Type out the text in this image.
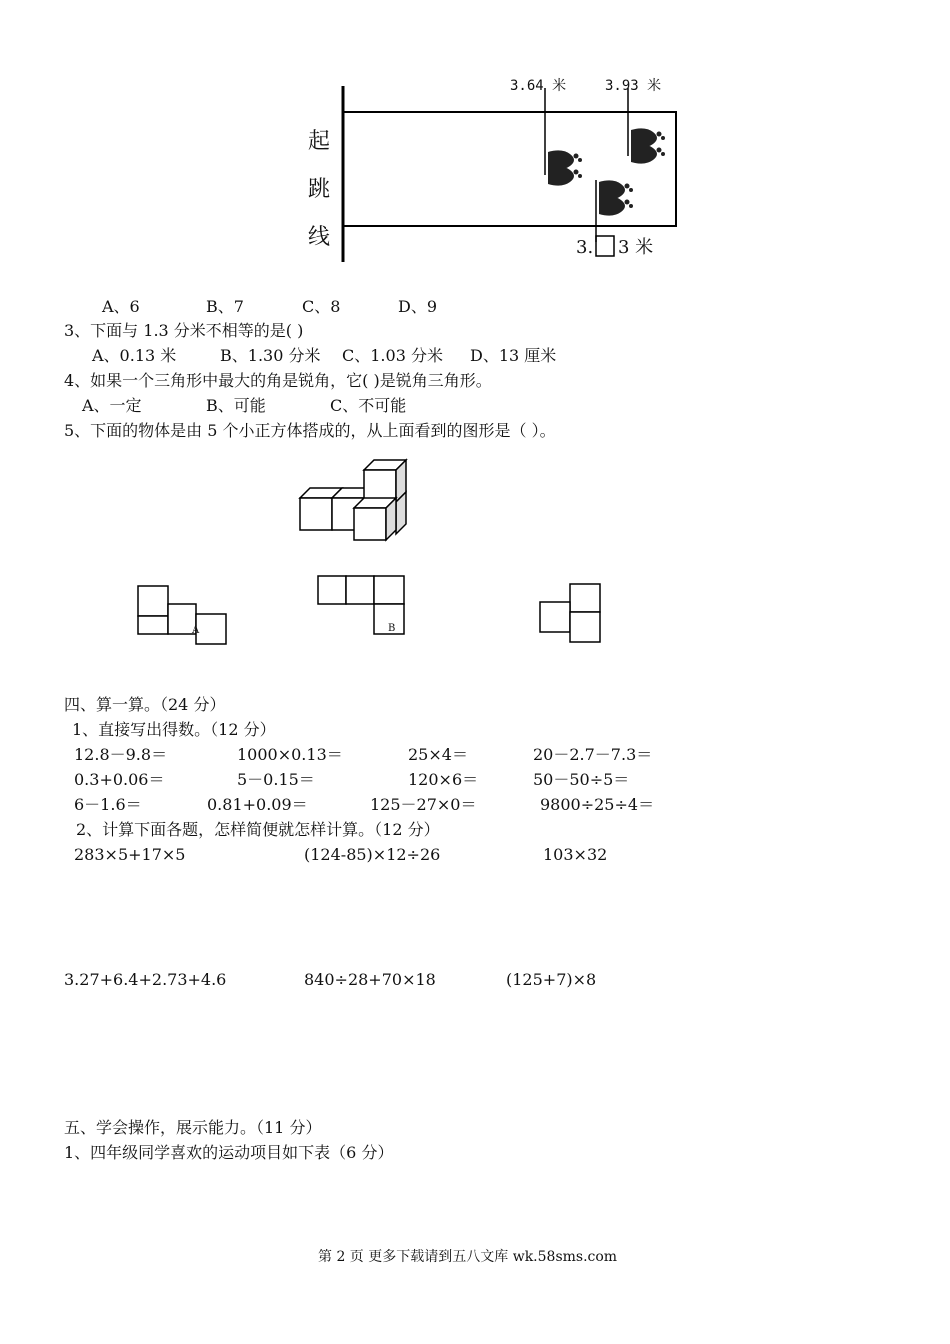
起
跳
线
3.64 米	3.93 米
3. 3 米
A、6	B、7	C、8	D、9
3、下面与 1.3 分米不相等的是( )
A、0.13 米	B、1.30 分米 C、1.03 分米 D、13 厘米
4、如果一个三角形中最大的角是锐角，它( )是锐角三角形。
A、一定	B、可能	C、不可能
5、下面的物体是由 5 个小正方体搭成的，从上面看到的图形是（ ）。
A	B
四、算一算。（24 分）
1、直接写出得数。（12 分）
12.8－9.8＝	1000×0.13＝	25×4＝	20－2.7－7.3＝
0.3+0.06＝	5－0.15＝	120×6＝	50－50÷5＝
6－1.6＝	0.81+0.09＝	125－27×0＝	9800÷25÷4＝
2、计算下面各题，怎样简便就怎样计算。（12 分）
283×5+17×5	(124-85)×12÷26	103×32
3.27+6.4+2.73+4.6	840÷28+70×18	(125+7)×8
五、学会操作，展示能力。（11 分）
1、四年级同学喜欢的运动项目如下表（6 分）
第 2 页 更多下载请到五八文库 wk.58sms.com
